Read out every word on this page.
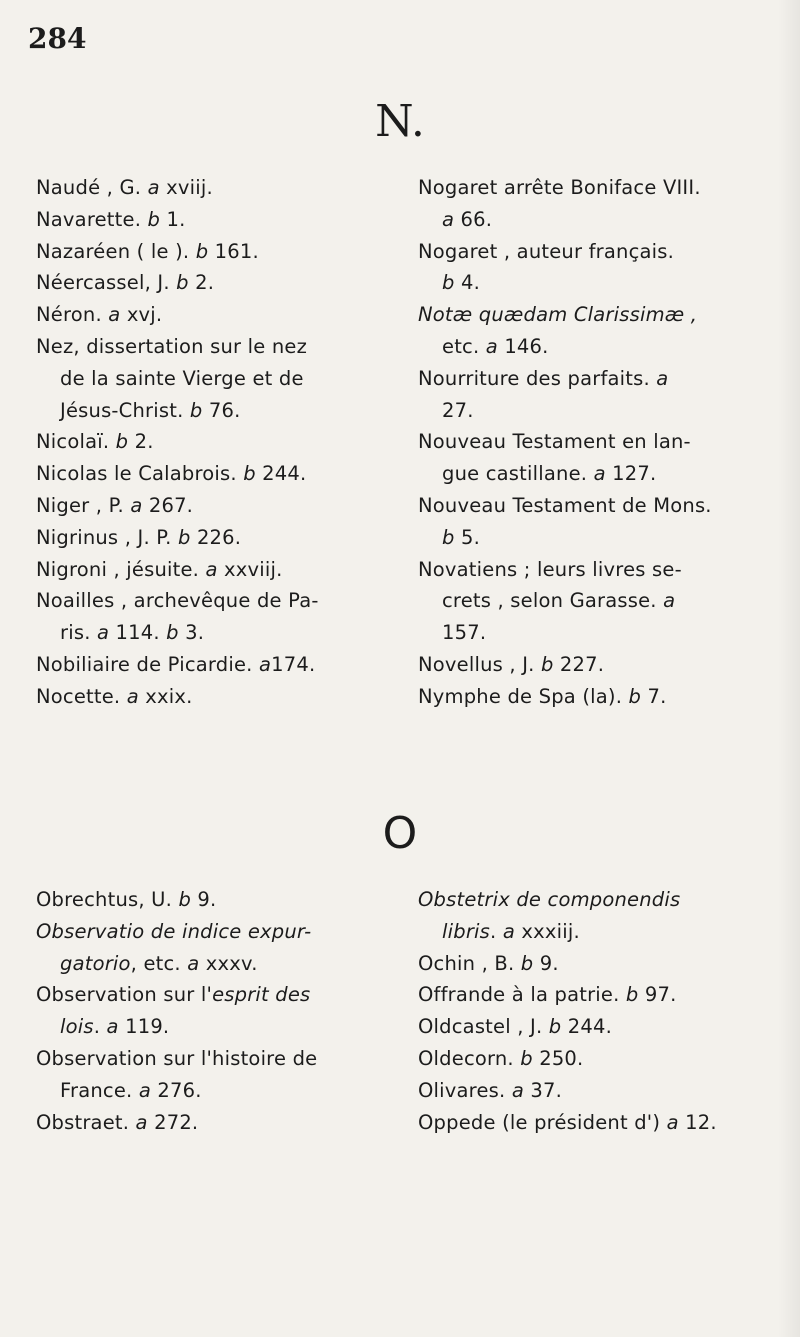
284
N.

Naudé , G. a xviij.

Navarette. b 1.

Nazaréen ( le ). b 161.

Néercassel, J. b 2.

Néron. a xvj.

Nez, dissertation sur le nez

de la sainte Vierge et de

Jésus-Christ. b 76.

Nicolaï. b 2.

Nicolas le Calabrois. b 244.

Niger , P. a 267.

Nigrinus , J. P. b 226.

Nigroni , jésuite. a xxviij.

Noailles , archevêque de Pa-

ris. a 114. b 3.

Nobiliaire de Picardie. a174.

Nocette. a xxix.

Nogaret arrête Boniface VIII.

a 66.

Nogaret , auteur français.

b 4.

Notæ quædam Clarissimæ ,

etc. a 146.

Nourriture des parfaits. a

27.

Nouveau Testament en lan-

gue castillane. a 127.

Nouveau Testament de Mons.

b 5.

Novatiens ; leurs livres se-

crets , selon Garasse. a

157.

Novellus , J. b 227.

Nymphe de Spa (la). b 7.

O

Obrechtus, U. b 9.

Observatio de indice expur-

gatorio, etc. a xxxv.

Observation sur l'esprit des

lois. a 119.

Observation sur l'histoire de

France. a 276.

Obstraet. a 272.

Obstetrix de componendis

libris. a xxxiij.

Ochin , B. b 9.

Offrande à la patrie. b 97.

Oldcastel , J. b 244.

Oldecorn. b 250.

Olivares. a 37.

Oppede (le président d') a 12.
